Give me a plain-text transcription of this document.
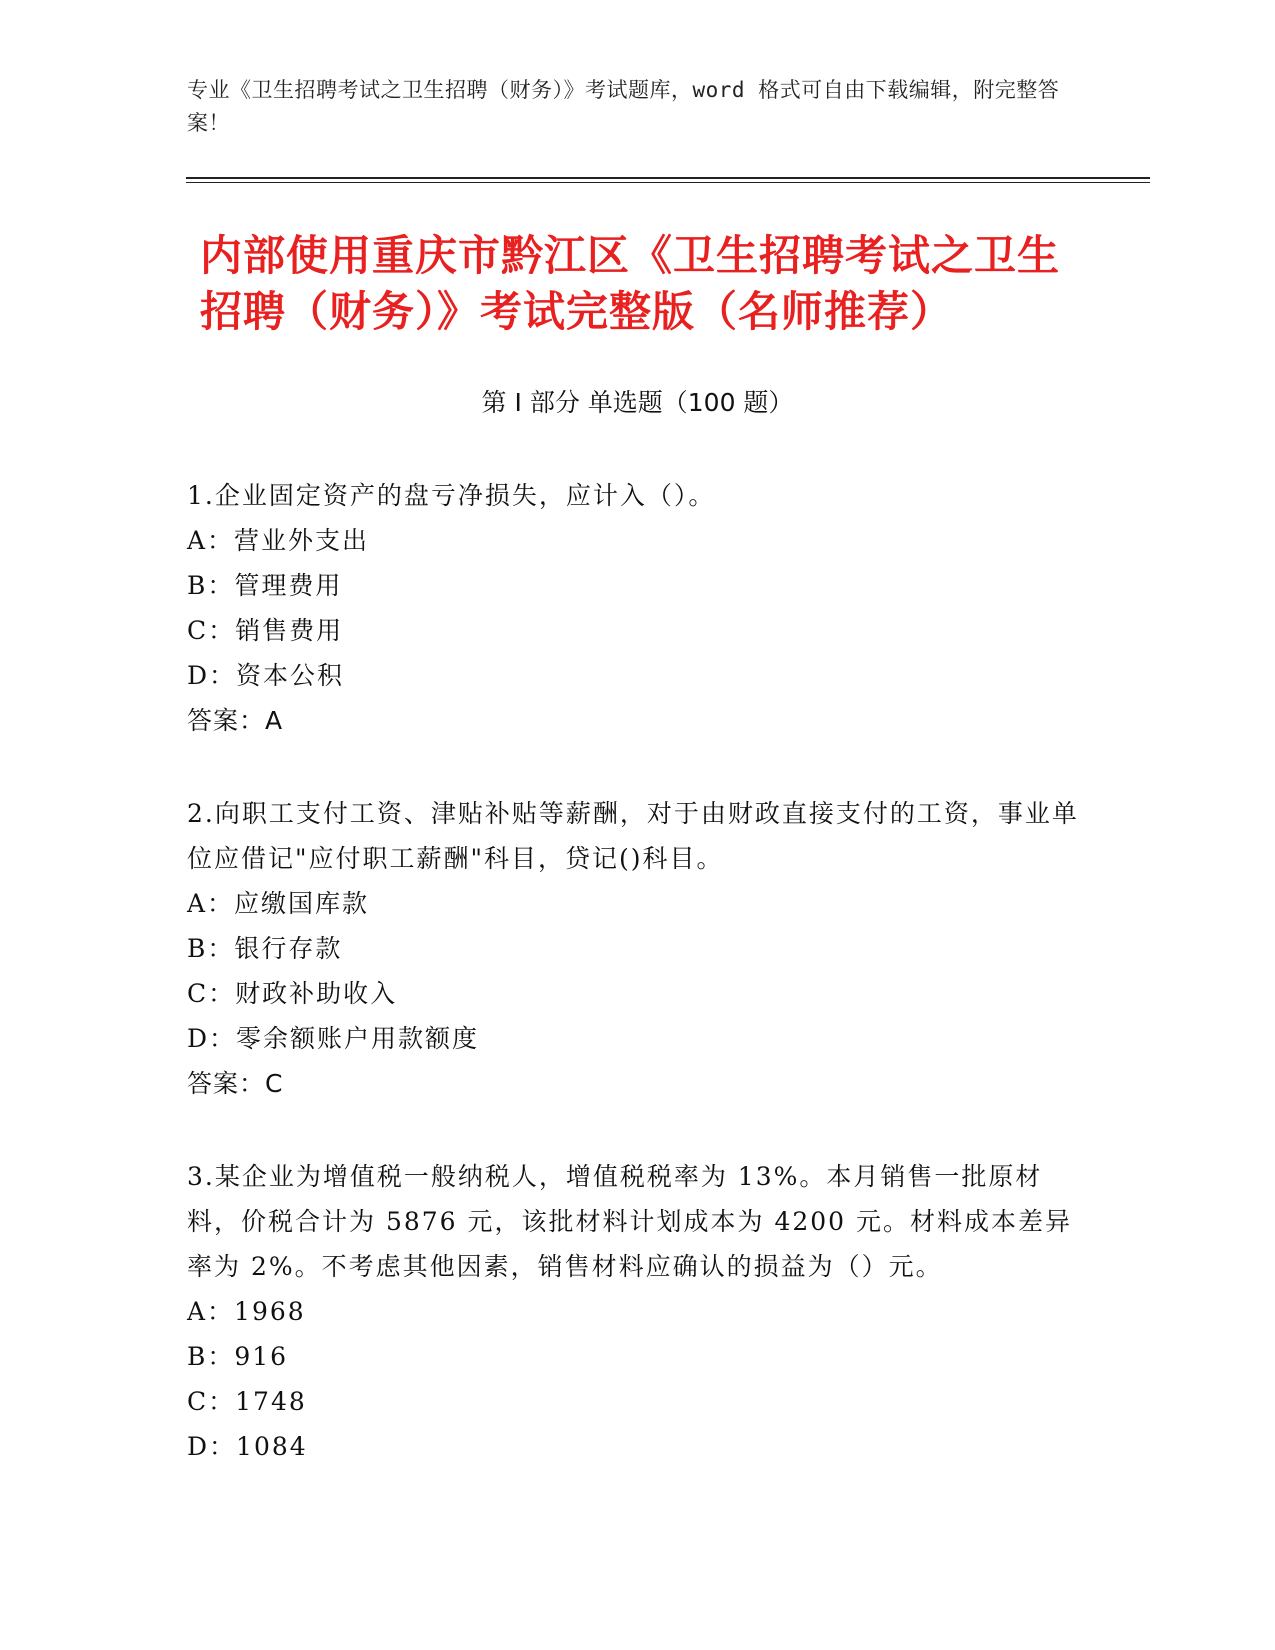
专业《卫生招聘考试之卫生招聘（财务）》考试题库，word 格式可自由下载编辑，附完整答案！
内部使用重庆市黔江区《卫生招聘考试之卫生招聘（财务）》考试完整版（名师推荐）
第 I 部分 单选题（100 题）
1.企业固定资产的盘亏净损失，应计入（）。
A：营业外支出
B：管理费用
C：销售费用
D：资本公积
答案：A
2.向职工支付工资、津贴补贴等薪酬，对于由财政直接支付的工资，事业单位应借记"应付职工薪酬"科目，贷记()科目。
A：应缴国库款
B：银行存款
C：财政补助收入
D：零余额账户用款额度
答案：C
3.某企业为增值税一般纳税人，增值税税率为 13%。本月销售一批原材料，价税合计为 5876 元，该批材料计划成本为 4200 元。材料成本差异率为 2%。不考虑其他因素，销售材料应确认的损益为（）元。
A：1968
B：916
C：1748
D：1084
